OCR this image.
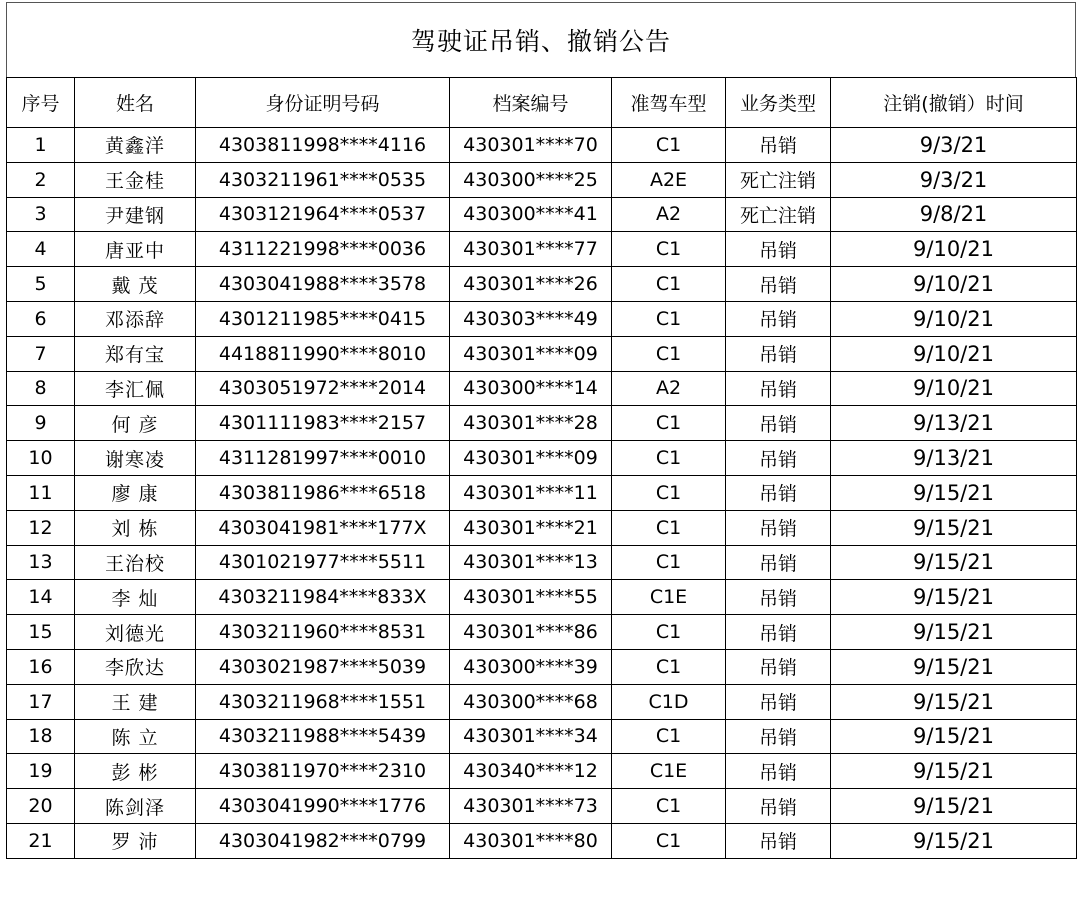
驾驶证吊销、撤销公告
序号	姓名	身份证明号码	档案编号	准驾车型	业务类型	注销(撤销）时间
1	黄鑫洋	4303811998****4116	430301****70	C1	吊销	9/3/21
2	王金桂	4303211961****0535	430300****25	A2E	死亡注销	9/3/21
3	尹建钢	4303121964****0537	430300****41	A2	死亡注销	9/8/21
4	唐亚中	4311221998****0036	430301****77	C1	吊销	9/10/21
5	戴 茂	4303041988****3578	430301****26	C1	吊销	9/10/21
6	邓添辞	4301211985****0415	430303****49	C1	吊销	9/10/21
7	郑有宝	4418811990****8010	430301****09	C1	吊销	9/10/21
8	李汇佩	4303051972****2014	430300****14	A2	吊销	9/10/21
9	何 彦	4301111983****2157	430301****28	C1	吊销	9/13/21
10	谢寒凌	4311281997****0010	430301****09	C1	吊销	9/13/21
11	廖 康	4303811986****6518	430301****11	C1	吊销	9/15/21
12	刘 栋	4303041981****177X	430301****21	C1	吊销	9/15/21
13	王治校	4301021977****5511	430301****13	C1	吊销	9/15/21
14	李 灿	4303211984****833X	430301****55	C1E	吊销	9/15/21
15	刘德光	4303211960****8531	430301****86	C1	吊销	9/15/21
16	李欣达	4303021987****5039	430300****39	C1	吊销	9/15/21
17	王 建	4303211968****1551	430300****68	C1D	吊销	9/15/21
18	陈 立	4303211988****5439	430301****34	C1	吊销	9/15/21
19	彭 彬	4303811970****2310	430340****12	C1E	吊销	9/15/21
20	陈剑泽	4303041990****1776	430301****73	C1	吊销	9/15/21
21	罗 沛	4303041982****0799	430301****80	C1	吊销	9/15/21
